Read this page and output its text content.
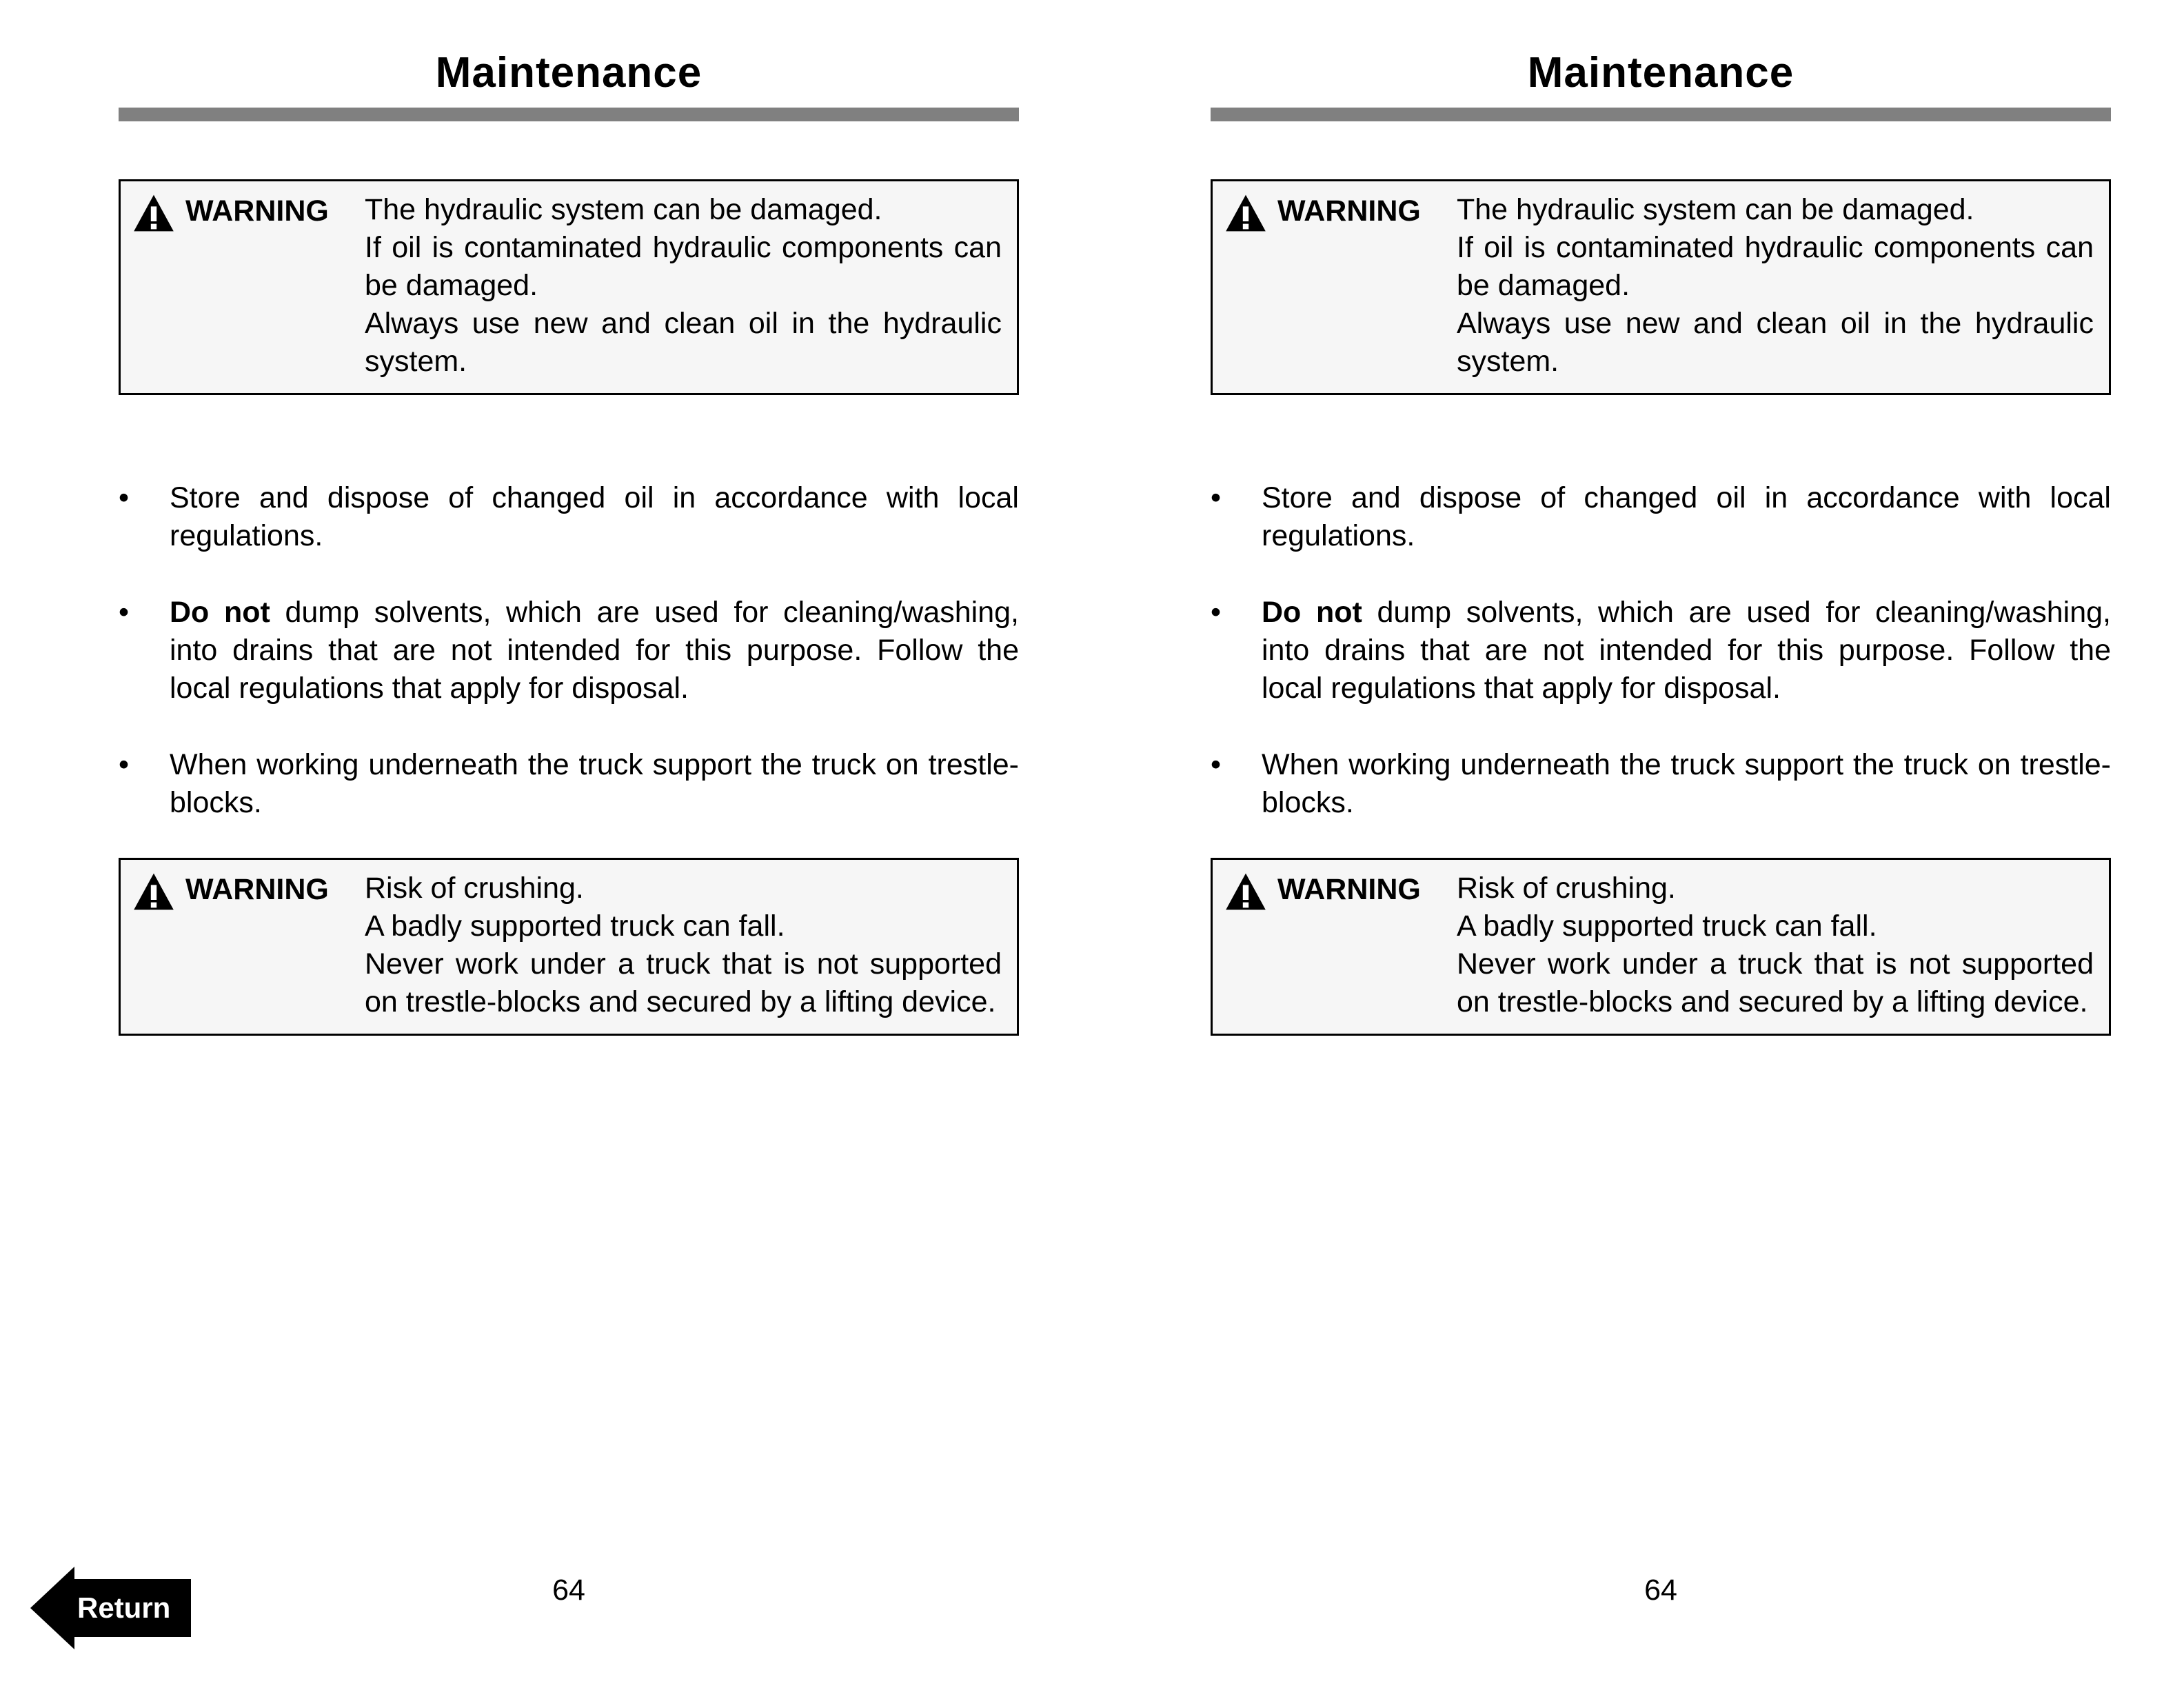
Maintenance
WARNING The hydraulic system can be damaged.

If oil is contaminated hydraulic components can be damaged.

Always use new and clean oil in the hydraulic system.

•	Store and dispose of changed oil in accordance with local regulations.
•	Do not dump solvents, which are used for cleaning/washing, into drains that are not intended for this purpose. Follow the local regulations that apply for disposal.
•	When working underneath the truck support the truck on trestle-blocks.
WARNING Risk of crushing.

A badly supported truck can fall.

Never work under a truck that is not supported on trestle-blocks and secured by a lifting device.

64
Maintenance
WARNING The hydraulic system can be damaged.

If oil is contaminated hydraulic components can be damaged.

Always use new and clean oil in the hydraulic system.

•	Store and dispose of changed oil in accordance with local regulations.
•	Do not dump solvents, which are used for cleaning/washing, into drains that are not intended for this purpose. Follow the local regulations that apply for disposal.
•	When working underneath the truck support the truck on trestle-blocks.
WARNING Risk of crushing.

A badly supported truck can fall.

Never work under a truck that is not supported on trestle-blocks and secured by a lifting device.

64
Return
